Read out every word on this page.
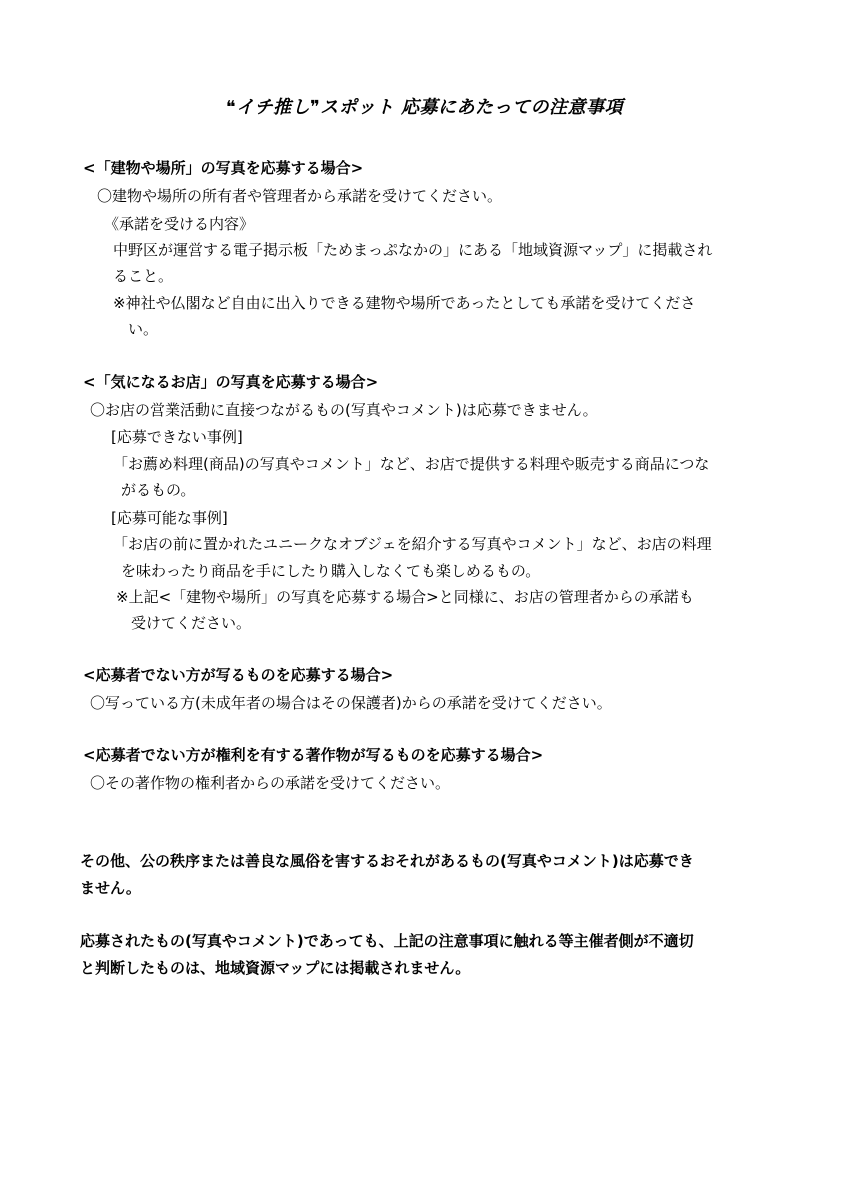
❝イチ推し❞スポット 応募にあたっての注意事項
<「建物や場所」の写真を応募する場合>
〇建物や場所の所有者や管理者から承諾を受けてください。
《承諾を受ける内容》
中野区が運営する電子掲示板「ためまっぷなかの」にある「地域資源マップ」に掲載され
ること。
※神社や仏閣など自由に出入りできる建物や場所であったとしても承諾を受けてくださ
い。
<「気になるお店」の写真を応募する場合>
〇お店の営業活動に直接つながるもの(写真やコメント)は応募できません。
[応募できない事例]
「お薦め料理(商品)の写真やコメント」など、お店で提供する料理や販売する商品につな
がるもの。
[応募可能な事例]
「お店の前に置かれたユニークなオブジェを紹介する写真やコメント」など、お店の料理
を味わったり商品を手にしたり購入しなくても楽しめるもの。
※上記<「建物や場所」の写真を応募する場合>と同様に、お店の管理者からの承諾も
受けてください。
<応募者でない方が写るものを応募する場合>
〇写っている方(未成年者の場合はその保護者)からの承諾を受けてください。
<応募者でない方が権利を有する著作物が写るものを応募する場合>
〇その著作物の権利者からの承諾を受けてください。
その他、公の秩序または善良な風俗を害するおそれがあるもの(写真やコメント)は応募でき
ません。
応募されたもの(写真やコメント)であっても、上記の注意事項に触れる等主催者側が不適切
と判断したものは、地域資源マップには掲載されません。
